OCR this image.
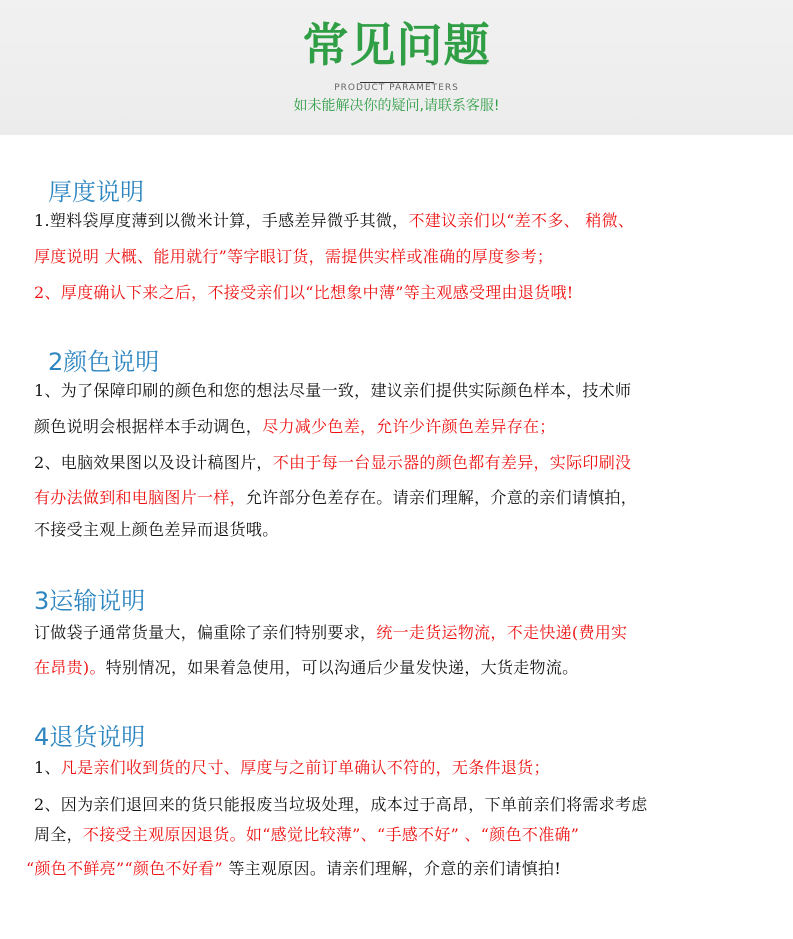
常见问题
PRODUCT PARAMETERS
如未能解决你的疑问,请联系客服!
厚度说明
1.塑料袋厚度薄到以微米计算，手感差异微乎其微，不建议亲们以“差不多、 稍微、
厚度说明 大概、能用就行”等字眼订货，需提供实样或准确的厚度参考；
2、厚度确认下来之后，不接受亲们以“比想象中薄”等主观感受理由退货哦!
2颜色说明
1、为了保障印刷的颜色和您的想法尽量一致，建议亲们提供实际颜色样本，技术师
颜色说明会根据样本手动调色，尽力减少色差，允许少许颜色差异存在；
2、电脑效果图以及设计稿图片，不由于每一台显示器的颜色都有差异，实际印刷没
有办法做到和电脑图片一样，允许部分色差存在。请亲们理解，介意的亲们请慎拍，
不接受主观上颜色差异而退货哦。
3运输说明
订做袋子通常货量大，偏重除了亲们特别要求，统一走货运物流，不走快递(费用实
在昂贵)。特别情况，如果着急使用，可以沟通后少量发快递，大货走物流。
4退货说明
1、凡是亲们收到货的尺寸、厚度与之前订单确认不符的，无条件退货；
2、因为亲们退回来的货只能报废当垃圾处理，成本过于高昂，下单前亲们将需求考虑
周全，不接受主观原因退货。如“感觉比较薄”、“手感不好” 、“颜色不准确”
“颜色不鲜亮”“颜色不好看” 等主观原因。请亲们理解，介意的亲们请慎拍!
